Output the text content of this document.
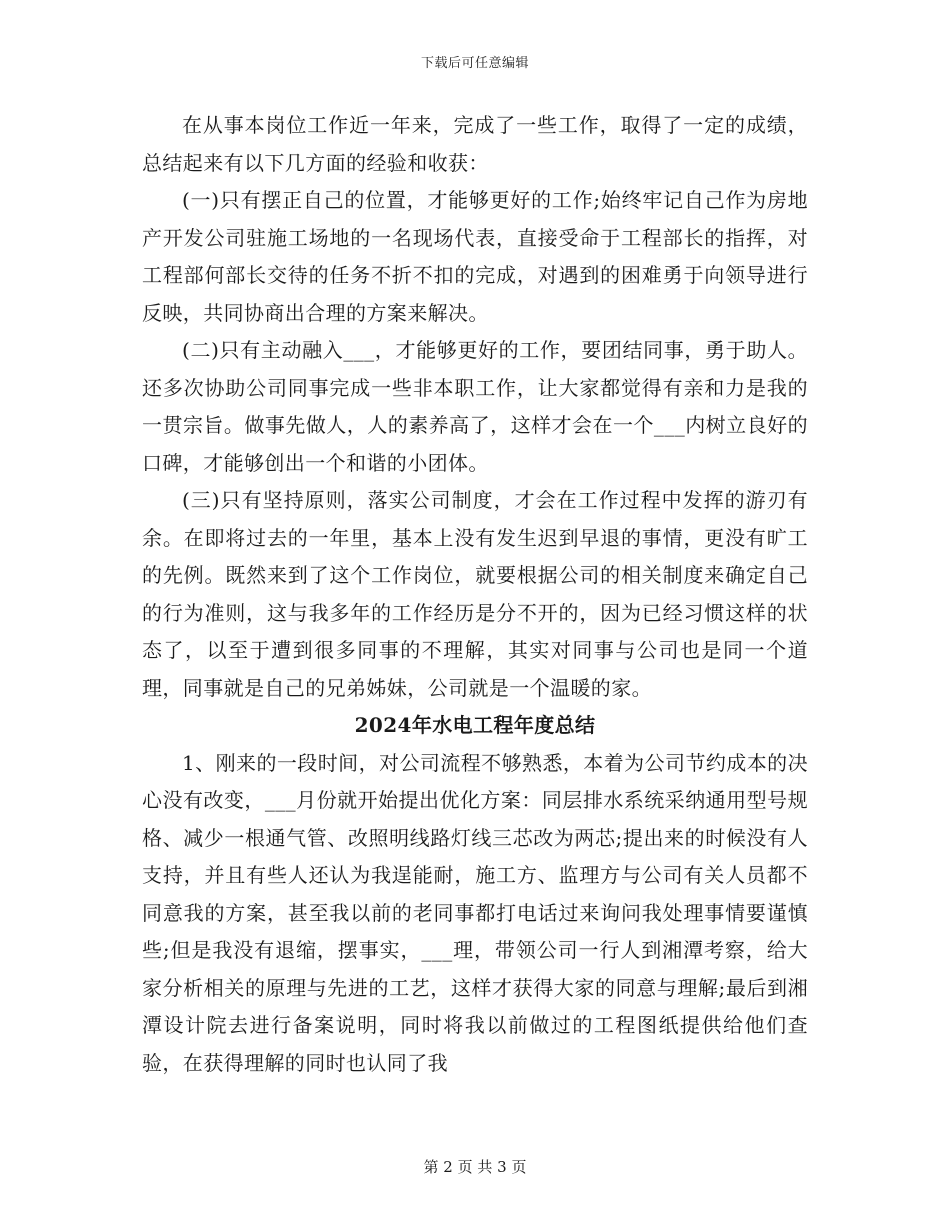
下载后可任意编辑

在从事本岗位工作近一年来，完成了一些工作，取得了一定的成绩，总结起来有以下几方面的经验和收获：

(一)只有摆正自己的位置，才能够更好的工作;始终牢记自己作为房地产开发公司驻施工场地的一名现场代表，直接受命于工程部长的指挥，对工程部何部长交待的任务不折不扣的完成，对遇到的困难勇于向领导进行反映，共同协商出合理的方案来解决。

(二)只有主动融入___，才能够更好的工作，要团结同事，勇于助人。还多次协助公司同事完成一些非本职工作，让大家都觉得有亲和力是我的一贯宗旨。做事先做人，人的素养高了，这样才会在一个___内树立良好的口碑，才能够创出一个和谐的小团体。

(三)只有坚持原则，落实公司制度，才会在工作过程中发挥的游刃有余。在即将过去的一年里，基本上没有发生迟到早退的事情，更没有旷工的先例。既然来到了这个工作岗位，就要根据公司的相关制度来确定自己的行为准则，这与我多年的工作经历是分不开的，因为已经习惯这样的状态了，以至于遭到很多同事的不理解，其实对同事与公司也是同一个道理，同事就是自己的兄弟姊妹，公司就是一个温暖的家。

2024年水电工程年度总结

1、刚来的一段时间，对公司流程不够熟悉，本着为公司节约成本的决心没有改变，___月份就开始提出优化方案：同层排水系统采纳通用型号规格、减少一根通气管、改照明线路灯线三芯改为两芯;提出来的时候没有人支持，并且有些人还认为我逞能耐，施工方、监理方与公司有关人员都不同意我的方案，甚至我以前的老同事都打电话过来询问我处理事情要谨慎些;但是我没有退缩，摆事实，___理，带领公司一行人到湘潭考察，给大家分析相关的原理与先进的工艺，这样才获得大家的同意与理解;最后到湘潭设计院去进行备案说明，同时将我以前做过的工程图纸提供给他们查验，在获得理解的同时也认同了我

第 2 页 共 3 页
